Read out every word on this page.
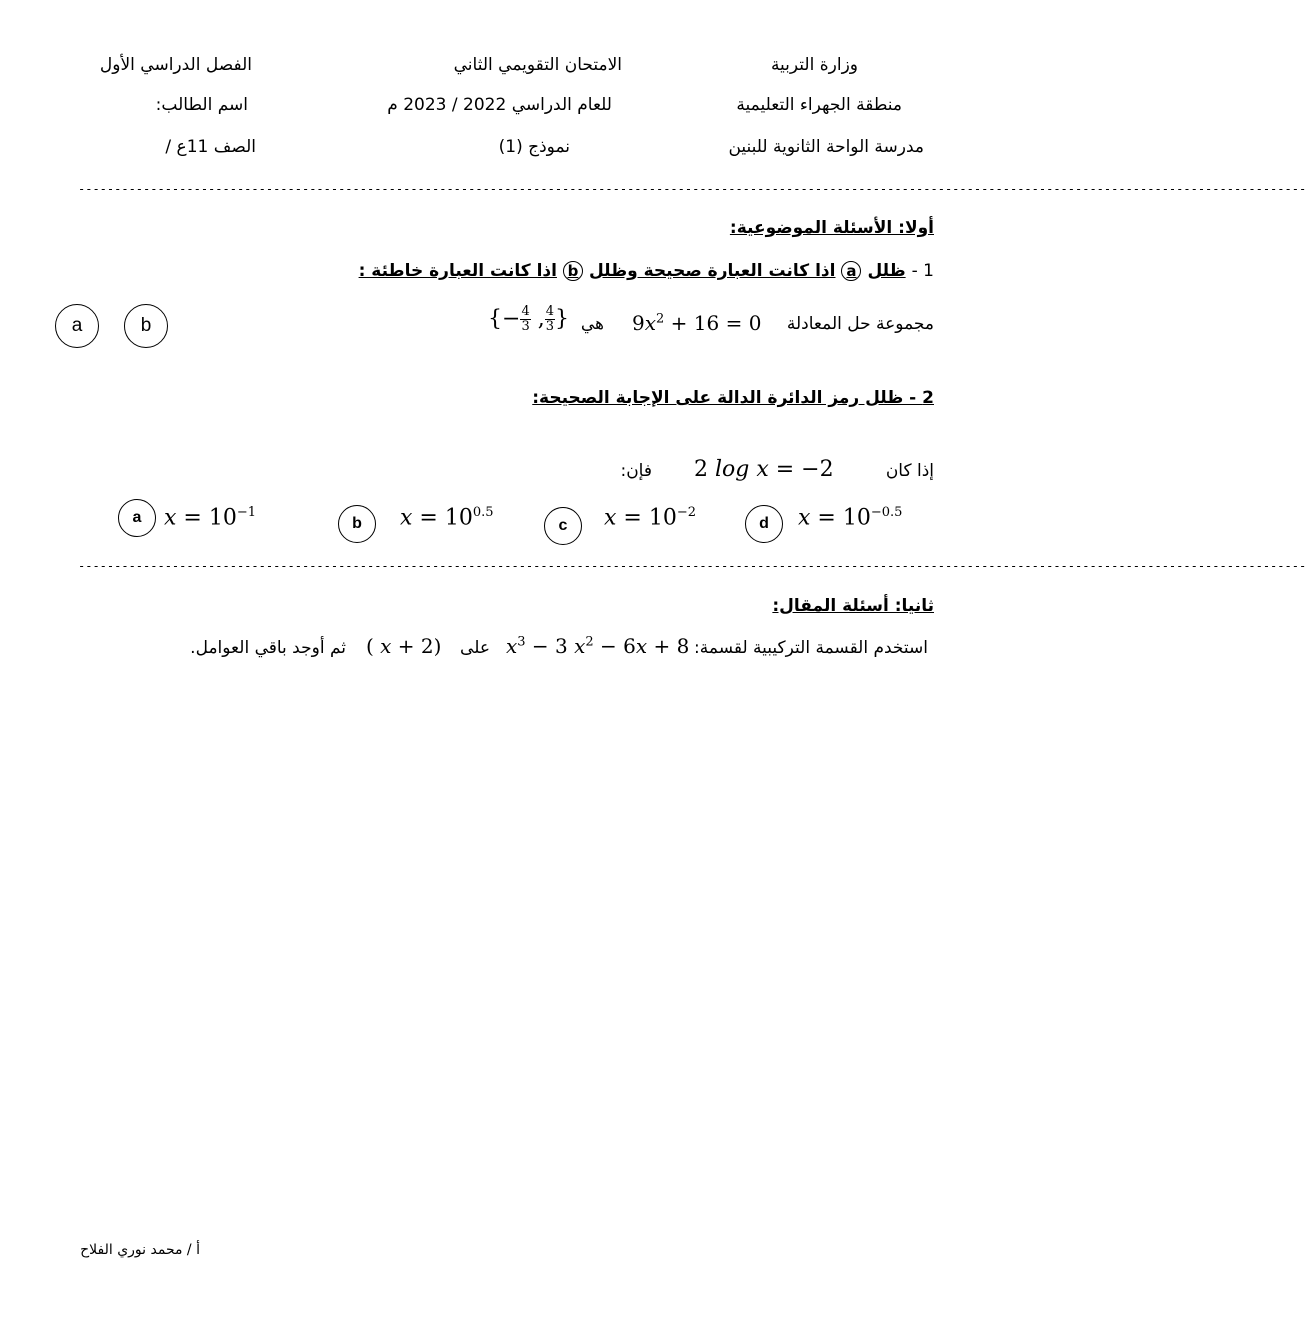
وزارة التربية
الامتحان التقويمي الثاني
الفصل الدراسي الأول
منطقة الجهراء التعليمية
للعام الدراسي 2022 / 2023 م
اسم الطالب:
مدرسة الواحة الثانوية للبنين
نموذج (1)
الصف 11ع /
--------------------------------------------------------------------------------------------------------------------------------------------------------------------------
أولا: الأسئلة الموضوعية:
1 -
ظلل
a
اذا كانت العبارة صحيحة وظلل
b
اذا كانت العبارة خاطئة :
مجموعة حل المعادلة
$9x^2 + 16 = 0$
هي
{− $\frac{4}{3}$ , $\frac{4}{3}$ }
a	b
2 - ظلل رمز الدائرة الدالة على الإجابة الصحيحة:
إذا كان
2 log x = −2
فإن:
a	$x = 10^{-1}$
b	$x = 10^{0.5}$
c	$x = 10^{-2}$
d	$x = 10^{-0.5}$
--------------------------------------------------------------------------------------------------------------------------------------------------------------------------
ثانيا: أسئلة المقال:
استخدم القسمة التركيبية لقسمة:
$x^3 - 3$ $x^2 - 6x + 8$
على
( x + 2)
ثم أوجد باقي العوامل.
أ / محمد نوري الفلاح
